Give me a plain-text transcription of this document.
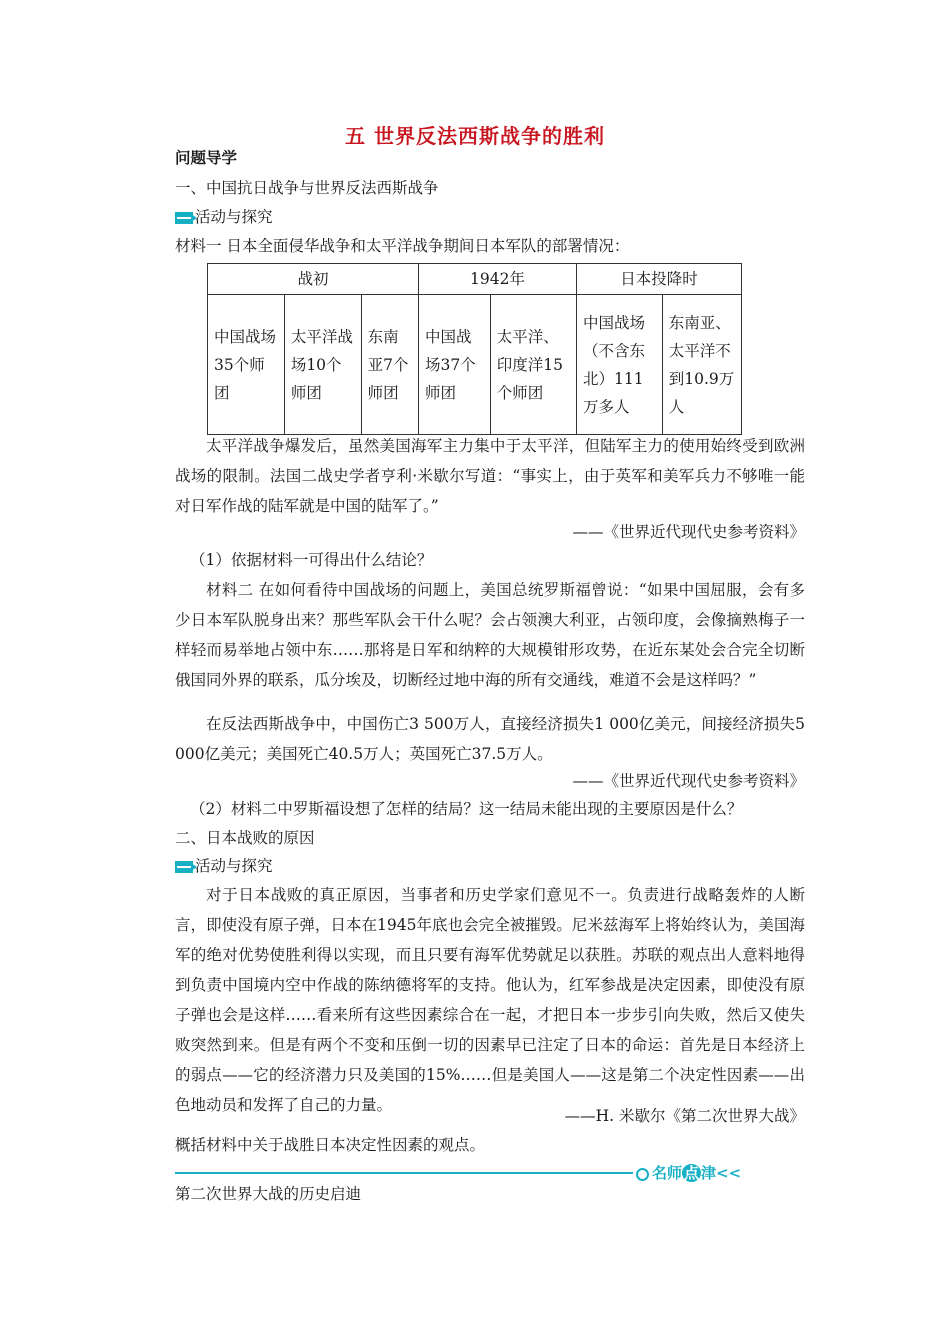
五 世界反法西斯战争的胜利
问题导学
一、中国抗日战争与世界反法西斯战争
活动与探究
材料一 日本全面侵华战争和太平洋战争期间日本军队的部署情况：
战初			1942年		日本投降时	
中国战场35个师团	太平洋战场10个师团	东南亚7个师团	中国战场37个师团	太平洋、印度洋15个师团	中国战场（不含东北）111万多人	东南亚、太平洋不到10.9万人
太平洋战争爆发后，虽然美国海军主力集中于太平洋，但陆军主力的使用始终受到欧洲战场的限制。法国二战史学者亨利·米歇尔写道：“事实上，由于英军和美军兵力不够唯一能对日军作战的陆军就是中国的陆军了。”
——《世界近代现代史参考资料》
（1）依据材料一可得出什么结论？
材料二 在如何看待中国战场的问题上，美国总统罗斯福曾说：“如果中国屈服，会有多少日本军队脱身出来？那些军队会干什么呢？会占领澳大利亚，占领印度，会像摘熟梅子一样轻而易举地占领中东……那将是日军和纳粹的大规模钳形攻势，在近东某处会合完全切断俄国同外界的联系，瓜分埃及，切断经过地中海的所有交通线，难道不会是这样吗？”
在反法西斯战争中，中国伤亡3 500万人，直接经济损失1 000亿美元，间接经济损失5 000亿美元；美国死亡40.5万人；英国死亡37.5万人。
——《世界近代现代史参考资料》
（2）材料二中罗斯福设想了怎样的结局？这一结局未能出现的主要原因是什么？
二、日本战败的原因
活动与探究
对于日本战败的真正原因，当事者和历史学家们意见不一。负责进行战略轰炸的人断言，即使没有原子弹，日本在1945年底也会完全被摧毁。尼米兹海军上将始终认为，美国海军的绝对优势使胜利得以实现，而且只要有海军优势就足以获胜。苏联的观点出人意料地得到负责中国境内空中作战的陈纳德将军的支持。他认为，红军参战是决定因素，即使没有原子弹也会是这样……看来所有这些因素综合在一起，才把日本一步步引向失败，然后又使失败突然到来。但是有两个不变和压倒一切的因素早已注定了日本的命运：首先是日本经济上的弱点——它的经济潜力只及美国的15%……但是美国人——这是第二个决定性因素——出色地动员和发挥了自己的力量。
——H. 米歇尔《第二次世界大战》
概括材料中关于战胜日本决定性因素的观点。
名师 点 津<<
第二次世界大战的历史启迪
